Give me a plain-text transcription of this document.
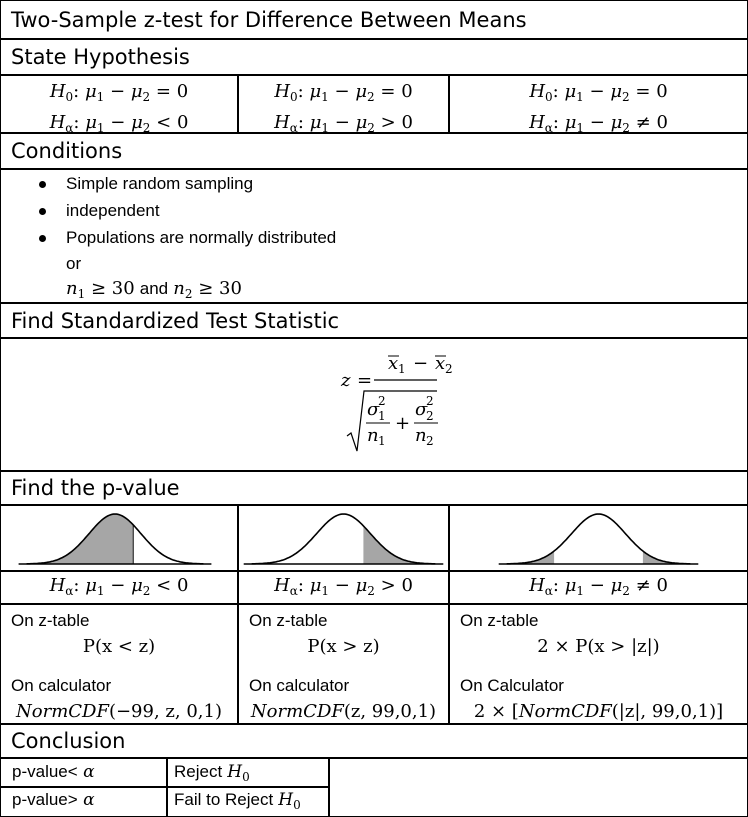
Two-Sample z-test for Difference Between Means
State Hypothesis
$H_0$: $\mu_1 - \mu_2 = 0$
$H_\alpha$: $\mu_1 - \mu_2 < 0$
$H_0$: $\mu_1 - \mu_2 = 0$
$H_\alpha$: $\mu_1 - \mu_2 > 0$
$H_0$: $\mu_1 - \mu_2 = 0$
$H_\alpha$: $\mu_1 - \mu_2 \ne 0$
Conditions
Simple random sampling
independent
Populations are normally distributed
or
$n_1 \ge 30$ and $n_2 \ge 30$
Find Standardized Test Statistic
z =
x 1 − x 2
σ
2
1
n 1
+
σ
2
2
n 2
Find the p-value
$H_\alpha$: $\mu_1 - \mu_2 < 0$
On z-table
P(x < z)
On calculator
NormCDF(−99, z, 0,1)
$H_\alpha$: $\mu_1 - \mu_2 > 0$
On z-table
P(x > z)
On calculator
NormCDF(z, 99,0,1)
$H_\alpha$: $\mu_1 - \mu_2 \ne 0$
On z-table
2 × P(x > |z|)
On Calculator
2 × [NormCDF(|z|, 99,0,1)]
Conclusion
p-value< α	Reject $H_0$
p-value> α	Fail to Reject $H_0$
